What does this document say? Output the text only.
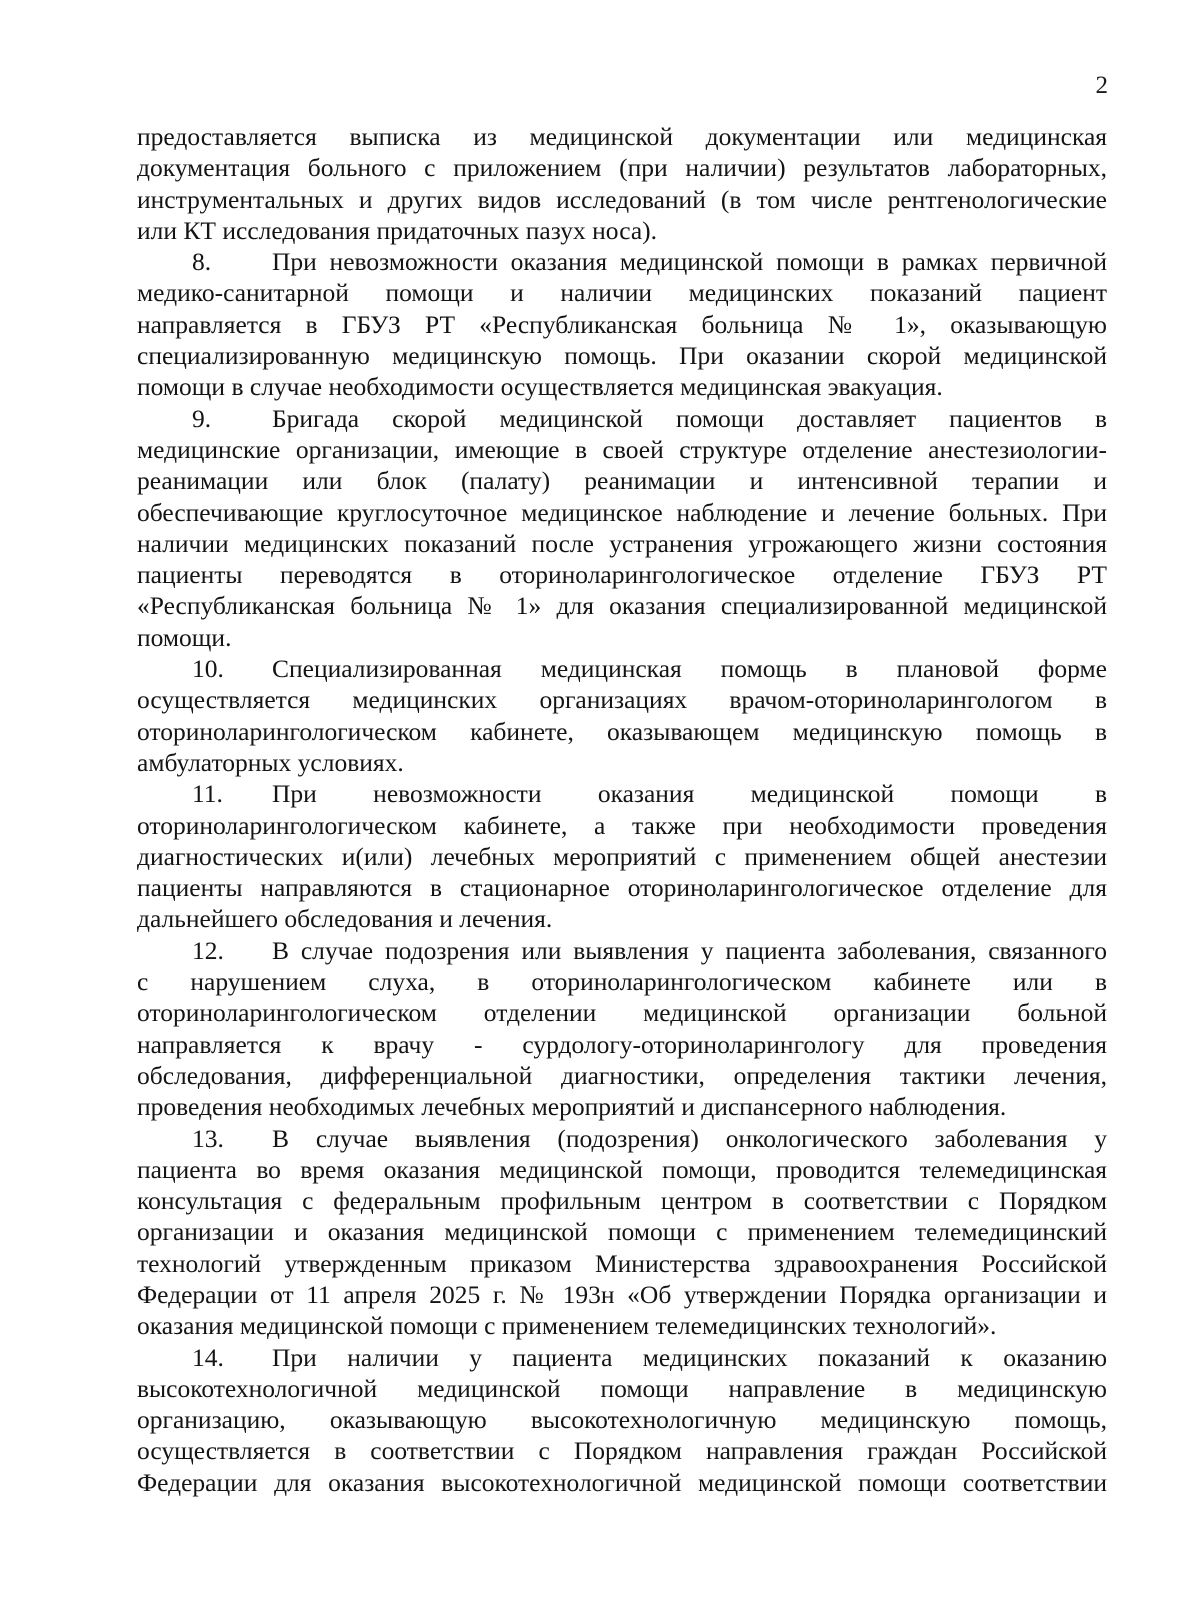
2
предоставляется выписка из медицинской документации или медицинская
документация больного с приложением (при наличии) результатов лабораторных,
инструментальных и других видов исследований (в том числе рентгенологические
или КТ исследования придаточных пазух носа).
8. При невозможности оказания медицинской помощи в рамках первичной
медико-санитарной помощи и наличии медицинских показаний пациент
направляется в ГБУЗ РТ «Республиканская больница № 1», оказывающую
специализированную медицинскую помощь. При оказании скорой медицинской
помощи в случае необходимости осуществляется медицинская эвакуация.
9. Бригада скорой медицинской помощи доставляет пациентов в
медицинские организации, имеющие в своей структуре отделение анестезиологии-
реанимации или блок (палату) реанимации и интенсивной терапии и
обеспечивающие круглосуточное медицинское наблюдение и лечение больных. При
наличии медицинских показаний после устранения угрожающего жизни состояния
пациенты переводятся в оториноларингологическое отделение ГБУЗ РТ
«Республиканская больница № 1» для оказания специализированной медицинской
помощи.
10. Специализированная медицинская помощь в плановой форме
осуществляется медицинских организациях врачом-оториноларингологом в
оториноларингологическом кабинете, оказывающем медицинскую помощь в
амбулаторных условиях.
11. При невозможности оказания медицинской помощи в
оториноларингологическом кабинете, а также при необходимости проведения
диагностических и(или) лечебных мероприятий с применением общей анестезии
пациенты направляются в стационарное оториноларингологическое отделение для
дальнейшего обследования и лечения.
12. В случае подозрения или выявления у пациента заболевания, связанного
с нарушением слуха, в оториноларингологическом кабинете или в
оториноларингологическом отделении медицинской организации больной
направляется к врачу - сурдологу-оториноларингологу для проведения
обследования, дифференциальной диагностики, определения тактики лечения,
проведения необходимых лечебных мероприятий и диспансерного наблюдения.
13. В случае выявления (подозрения) онкологического заболевания у
пациента во время оказания медицинской помощи, проводится телемедицинская
консультация с федеральным профильным центром в соответствии с Порядком
организации и оказания медицинской помощи с применением телемедицинский
технологий утвержденным приказом Министерства здравоохранения Российской
Федерации от 11 апреля 2025 г. № 193н «Об утверждении Порядка организации и
оказания медицинской помощи с применением телемедицинских технологий».
14. При наличии у пациента медицинских показаний к оказанию
высокотехнологичной медицинской помощи направление в медицинскую
организацию, оказывающую высокотехнологичную медицинскую помощь,
осуществляется в соответствии с Порядком направления граждан Российской
Федерации для оказания высокотехнологичной медицинской помощи соответствии
